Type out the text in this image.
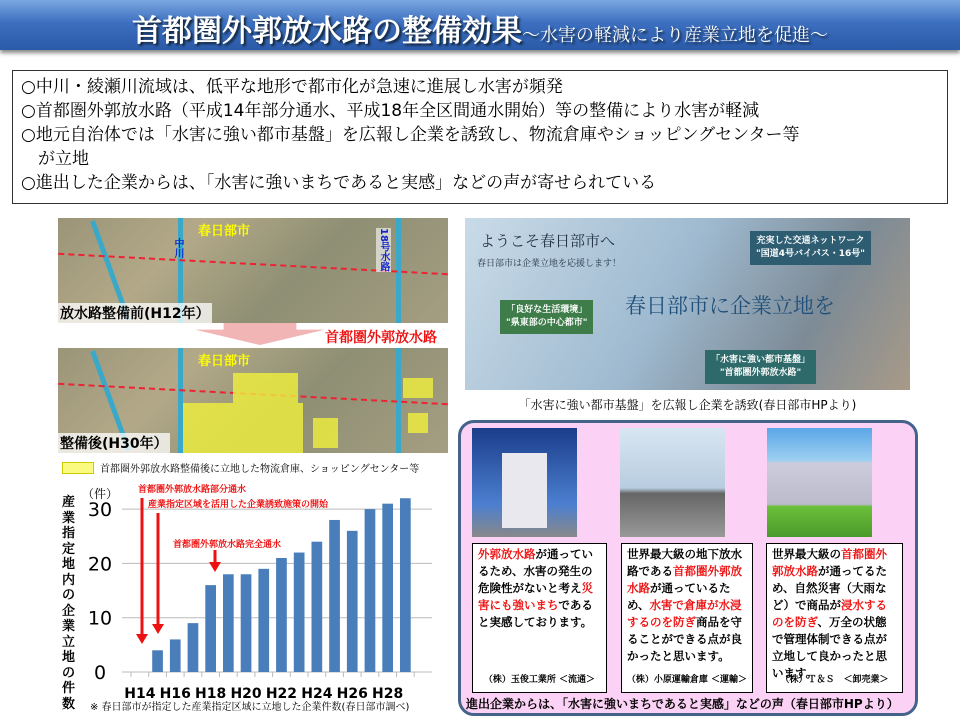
首都圏外郭放水路の整備効果～水害の軽減により産業立地を促進～
○中川・綾瀬川流域は、低平な地形で都市化が急速に進展し水害が頻発
○首都圏外郭放水路（平成14年部分通水、平成18年全区間通水開始）等の整備により水害が軽減
○地元自治体では「水害に強い都市基盤」を広報し企業を誘致し、物流倉庫やショッピングセンター等
　が立地
○進出した企業からは、「水害に強いまちであると実感」などの声が寄せられている
春日部市
中川	18号水路
放水路整備前(H12年）
首都圏外郭放水路
春日部市
整備後(H30年）
首都圏外郭放水路整備後に立地した物流倉庫、ショッピングセンター等
0
10
20
30
（件）
H14 H16 H18 H20 H22 H24 H26 H28
首都圏外郭放水路部分通水
産業指定区域を活用した企業誘致施策の開始
首都圏外郭放水路完全通水
産業指定地内の企業立地の件数 ※ 春日部市が指定した産業指定区域に立地した企業件数(春日部市調べ)
ようこそ春日部市へ
春日部市は企業立地を応援します！
春日部市に企業立地を
充実した交通ネットワーク
"国道4号バイパス・16号"
「良好な生活環境」
"県東部の中心都市"
「水害に強い都市基盤」
"首都圏外郭放水路"
「水害に強い都市基盤」を広報し企業を誘致(春日部市HPより)
外郭放水路が通っているため、水害の発生の危険性がないと考え災害にも強いまちであると実感しております。
（株）玉俊工業所 ＜流通＞
世界最大級の地下放水路である首都圏外郭放水路が通っているため、水害で倉庫が水浸するのを防ぎ商品を守ることができる点が良かったと思います。
（株）小原運輸倉庫 ＜運輸＞
世界最大級の首都圏外郭放水路が通ってるため、自然災害（大雨など）で商品が浸水するのを防ぎ、万全の状態で管理体制できる点が立地して良かったと思います。
（株）Ｔ＆Ｓ　＜卸売業＞
進出企業からは、「水害に強いまちであると実感」などの声（春日部市HPより）
